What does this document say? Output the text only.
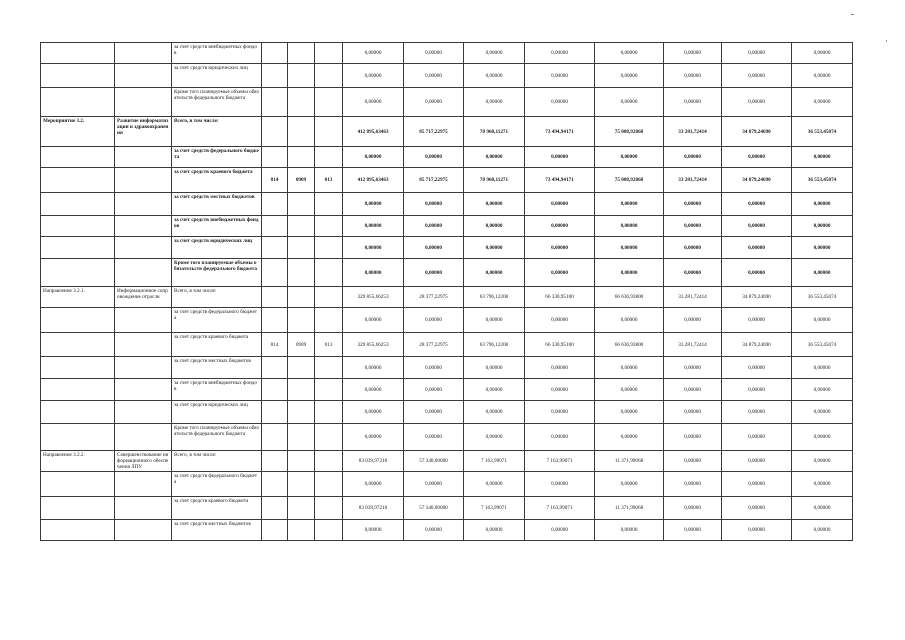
		за счет средств внебюджетных фондов				0,00000	0,00000	0,00000	0,00000	0,00000	0,00000	0,00000	0,00000
		за счет средств юридических лиц				0,00000	0,00000	0,00000	0,00000	0,00000	0,00000	0,00000	0,00000
		Кроме того планируемые объемы обязательств федерального бюджета				0,00000	0,00000	0,00000	0,00000	0,00000	0,00000	0,00000	0,00000
Мероприятие 3.2.	Развитие информатизации и здравоохранения	Всего, в том числе:				412 895,63463	85 717,22975	70 960,11271	73 494,94171	75 008,92868	33 281,72414	34 879,24690	36 553,45074
		за счет средств федерального бюджета				0,00000	0,00000	0,00000	0,00000	0,00000	0,00000	0,00000	0,00000
		за счет средств краевого бюджета	814	0909	013	412 895,63463	85 717,22975	70 960,11271	73 494,94171	75 008,92868	33 281,72414	34 879,24690	36 553,45074
		за счет средств местных бюджетов				0,00000	0,00000	0,00000	0,00000	0,00000	0,00000	0,00000	0,00000
		за счет средств внебюджетных фондов				0,00000	0,00000	0,00000	0,00000	0,00000	0,00000	0,00000	0,00000
		за счет средств юридических лиц				0,00000	0,00000	0,00000	0,00000	0,00000	0,00000	0,00000	0,00000
		Кроме того планируемые объемы обязательств федерального бюджета				0,00000	0,00000	0,00000	0,00000	0,00000	0,00000	0,00000	0,00000
Направление 3.2.1.	Информационное сопровождение отрасли	Всего, в том числе:				329 855,66253	28 377,22975	63 796,12200	66 330,95100	66 636,93800	33 281,72414	34 879,24690	36 553,45074
		за счет средств федерального бюджета				0,00000	0,00000	0,00000	0,00000	0,00000	0,00000	0,00000	0,00000
		за счет средств краевого бюджета	814	0909	013	329 855,66253	28 377,22975	63 796,12200	66 330,95100	66 636,93800	33 281,72414	34 879,24690	36 553,45074
		за счет средств местных бюджетов				0,00000	0,00000	0,00000	0,00000	0,00000	0,00000	0,00000	0,00000
		за счет средств внебюджетных фондов				0,00000	0,00000	0,00000	0,00000	0,00000	0,00000	0,00000	0,00000
		за счет средств юридических лиц				0,00000	0,00000	0,00000	0,00000	0,00000	0,00000	0,00000	0,00000
		Кроме того планируемые объемы обязательств федерального бюджета				0,00000	0,00000	0,00000	0,00000	0,00000	0,00000	0,00000	0,00000
Направление 3.2.2.	Совершенствование информационного обеспечения ЛПУ	Всего, в том числе:				83 039,97210	57 340,00000	7 163,99071	7 163,99071	11 371,99068	0,00000	0,00000	0,00000
		за счет средств федерального бюджета				0,00000	0,00000	0,00000	0,00000	0,00000	0,00000	0,00000	0,00000
		за счет средств краевого бюджета				83 039,97210	57 340,00000	7 163,99071	7 163,99071	11 371,99068	0,00000	0,00000	0,00000
		за счет средств местных бюджетов				0,00000	0,00000	0,00000	0,00000	0,00000	0,00000	0,00000	0,00000
